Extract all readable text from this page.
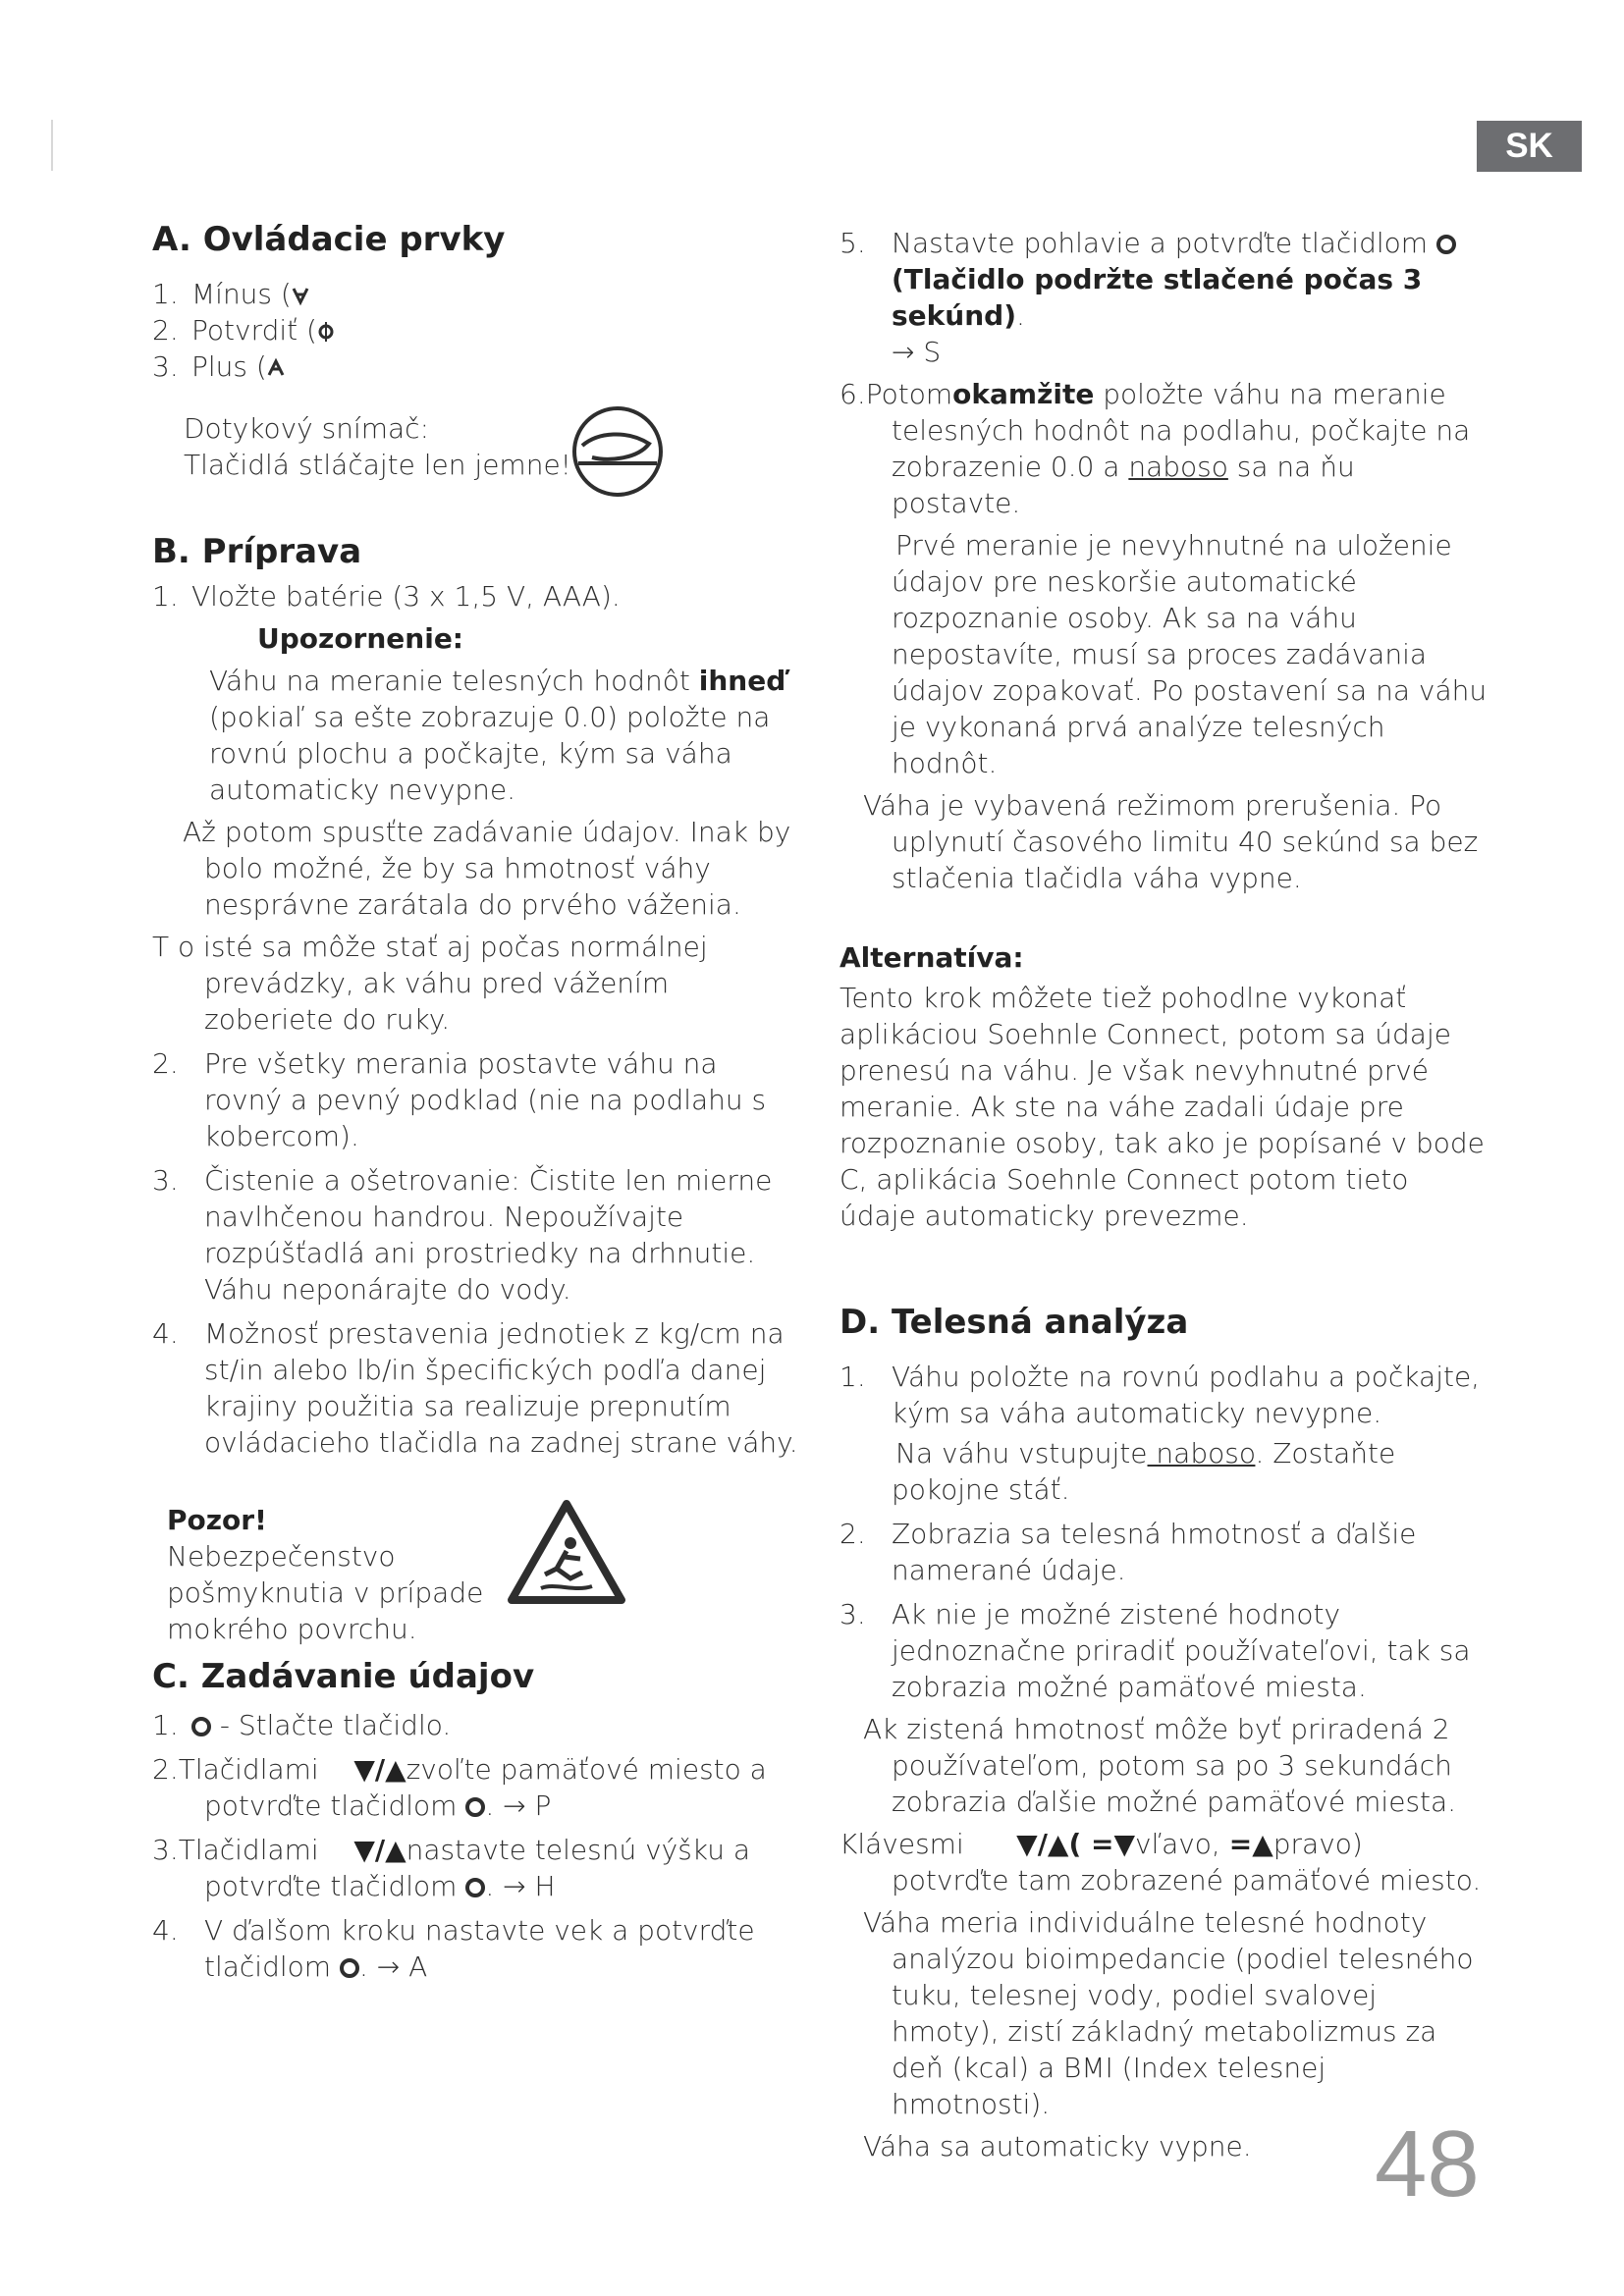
SK
A. Ovládacie prvky

1. Mínus (

2. Potvrdiť (

3. Plus (

Dotykový snímač:

Tlačidlá stláčajte len jemne!

B. Príprava

1. Vložte batérie (3 x 1,5 V, AAA).

Upozornenie:

Váhu na meranie telesných hodnôt ihneď (pokiaľ sa ešte zobrazuje 0.0) položte na rovnú plochu a počkajte, kým sa váha automaticky nevypne.

Až potom spusťte zadávanie údajov. Inak by bolo možné, že by sa hmotnosť váhy nesprávne zarátala do prvého váženia.

T o isté sa môže stať aj počas normálnej prevádzky, ak váhu pred vážením zoberiete do ruky.

2. Pre všetky merania postavte váhu na rovný a pevný podklad (nie na podlahu s kobercom).

3. Čistenie a ošetrovanie: Čistite len mierne navlhčenou handrou. Nepoužívajte rozpúšťadlá ani prostriedky na drhnutie. Váhu neponárajte do vody.

4. Možnosť prestavenia jednotiek z kg/cm na st/in alebo lb/in špecifických podľa danej krajiny použitia sa realizuje prepnutím ovládacieho tlačidla na zadnej strane váhy.

Pozor! Nebezpečenstvo pošmyknutia v prípade mokrého povrchu.

C. Zadávanie údajov

1. - Stlačte tlačidlo.

2.Tlačidlami ▼/▲zvoľte pamäťové miesto a potvrďte tlačidlom . → P

3.Tlačidlami ▼/▲nastavte telesnú výšku a potvrďte tlačidlom . → H

4. V ďalšom kroku nastavte vek a potvrďte tlačidlom . → A

5. Nastavte pohlavie a potvrďte tlačidlom
(Tlačidlo podržte stlačené počas 3 sekúnd).
→ S

6.Potomokamžite položte váhu na meranie telesných hodnôt na podlahu, počkajte na zobrazenie 0.0 a naboso sa na ňu postavte.

Prvé meranie je nevyhnutné na uloženie údajov pre neskoršie automatické rozpoznanie osoby. Ak sa na váhu nepostavíte, musí sa proces zadávania údajov zopakovať. Po postavení sa na váhu je vykonaná prvá analýze telesných hodnôt.

Váha je vybavená režimom prerušenia. Po uplynutí časového limitu 40 sekúnd sa bez stlačenia tlačidla váha vypne.

Alternatíva:

Tento krok môžete tiež pohodlne vykonať aplikáciou Soehnle Connect, potom sa údaje prenesú na váhu. Je však nevyhnutné prvé meranie. Ak ste na váhe zadali údaje pre rozpoznanie osoby, tak ako je popísané v bode C, aplikácia Soehnle Connect potom tieto údaje automaticky prevezme.

D. Telesná analýza

1. Váhu položte na rovnú podlahu a počkajte, kým sa váha automaticky nevypne.

Na váhu vstupujte naboso. Zostaňte pokojne stáť.

2. Zobrazia sa telesná hmotnosť a ďalšie namerané údaje.

3. Ak nie je možné zistené hodnoty jednoznačne priradiť používateľovi, tak sa zobrazia možné pamäťové miesta.

Ak zistená hmotnosť môže byť priradená 2 používateľom, potom sa po 3 sekundách zobrazia ďalšie možné pamäťové miesta.

Klávesmi ▼/▲( =▼vľavo, =▲pravo) potvrďte tam zobrazené pamäťové miesto.

Váha meria individuálne telesné hodnoty analýzou bioimpedancie (podiel telesného tuku, telesnej vody, podiel svalovej hmoty), zistí základný metabolizmus za deň (kcal) a BMI (Index telesnej hmotnosti).

Váha sa automaticky vypne.	48
